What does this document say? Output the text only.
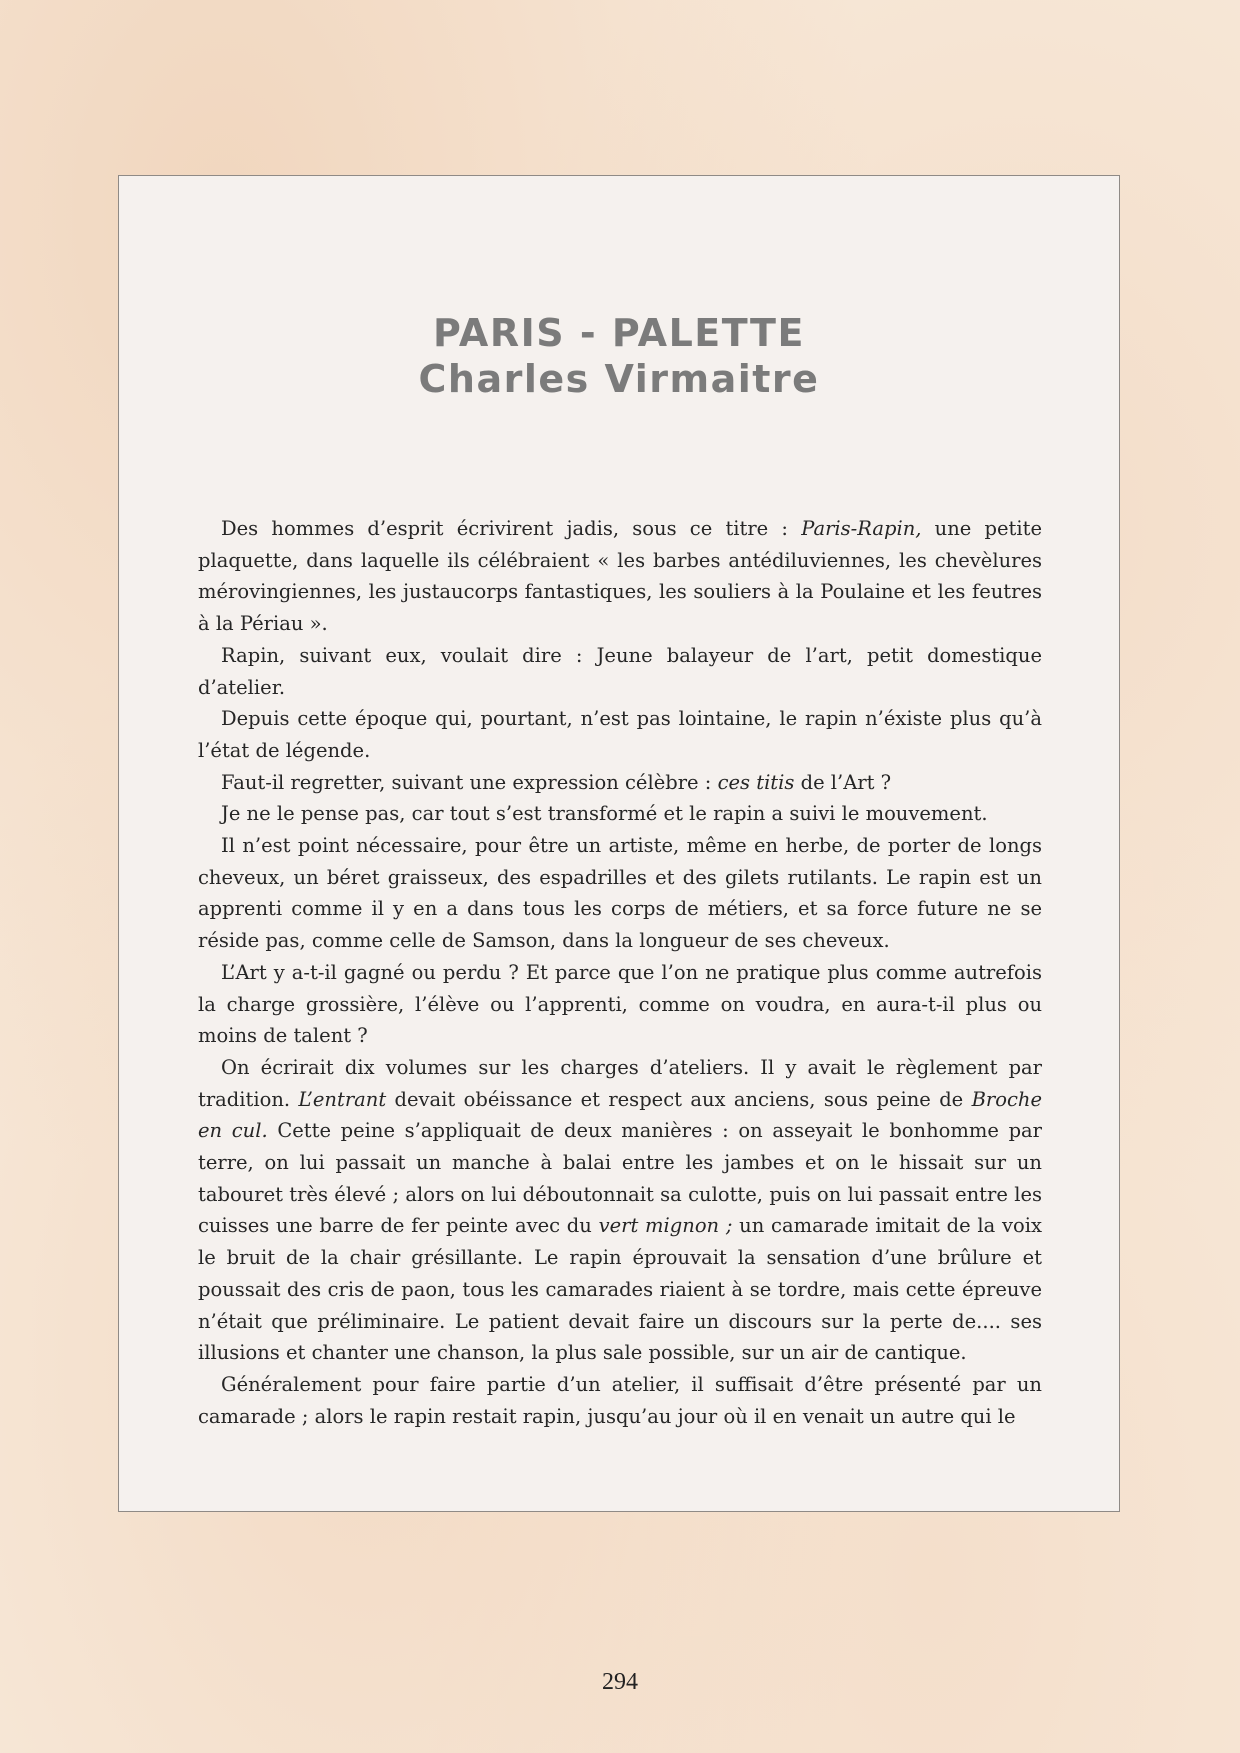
PARIS - PALETTE
Charles Virmaitre

Des hommes d’esprit écrivirent jadis, sous ce titre : Paris-Rapin, une petite plaquette, dans laquelle ils célébraient « les barbes antédiluviennes, les chevèlures mérovingiennes, les justaucorps fantastiques, les souliers à la Poulaine et les feutres à la Périau ».

Rapin, suivant eux, voulait dire : Jeune balayeur de l’art, petit domestique d’atelier.

Depuis cette époque qui, pourtant, n’est pas lointaine, le rapin n’éxiste plus qu’à l’état de légende.

Faut-il regretter, suivant une expression célèbre : ces titis de l’Art ?

Je ne le pense pas, car tout s’est transformé et le rapin a suivi le mouvement.

Il n’est point nécessaire, pour être un artiste, même en herbe, de porter de longs cheveux, un béret graisseux, des espadrilles et des gilets rutilants. Le rapin est un apprenti comme il y en a dans tous les corps de métiers, et sa force future ne se réside pas, comme celle de Samson, dans la longueur de ses cheveux.

L’Art y a-t-il gagné ou perdu ? Et parce que l’on ne pratique plus comme autrefois la charge grossière, l’élève ou l’apprenti, comme on voudra, en aura-t-il plus ou moins de talent ?

On écrirait dix volumes sur les charges d’ateliers. Il y avait le règlement par tradition. L’entrant devait obéissance et respect aux anciens, sous peine de Broche en cul. Cette peine s’appliquait de deux manières : on asseyait le bonhomme par terre, on lui passait un manche à balai entre les jambes et on le hissait sur un tabouret très élevé ; alors on lui déboutonnait sa culotte, puis on lui passait entre les cuisses une barre de fer peinte avec du vert mignon ; un camarade imitait de la voix le bruit de la chair grésillante. Le rapin éprouvait la sensation d’une brûlure et poussait des cris de paon, tous les camarades riaient à se tordre, mais cette épreuve n’était que préliminaire. Le patient devait faire un discours sur la perte de.... ses illusions et chanter une chanson, la plus sale possible, sur un air de cantique.

Généralement pour faire partie d’un atelier, il suffisait d’être présenté par un camarade ; alors le rapin restait rapin, jusqu’au jour où il en venait un autre qui le

294
